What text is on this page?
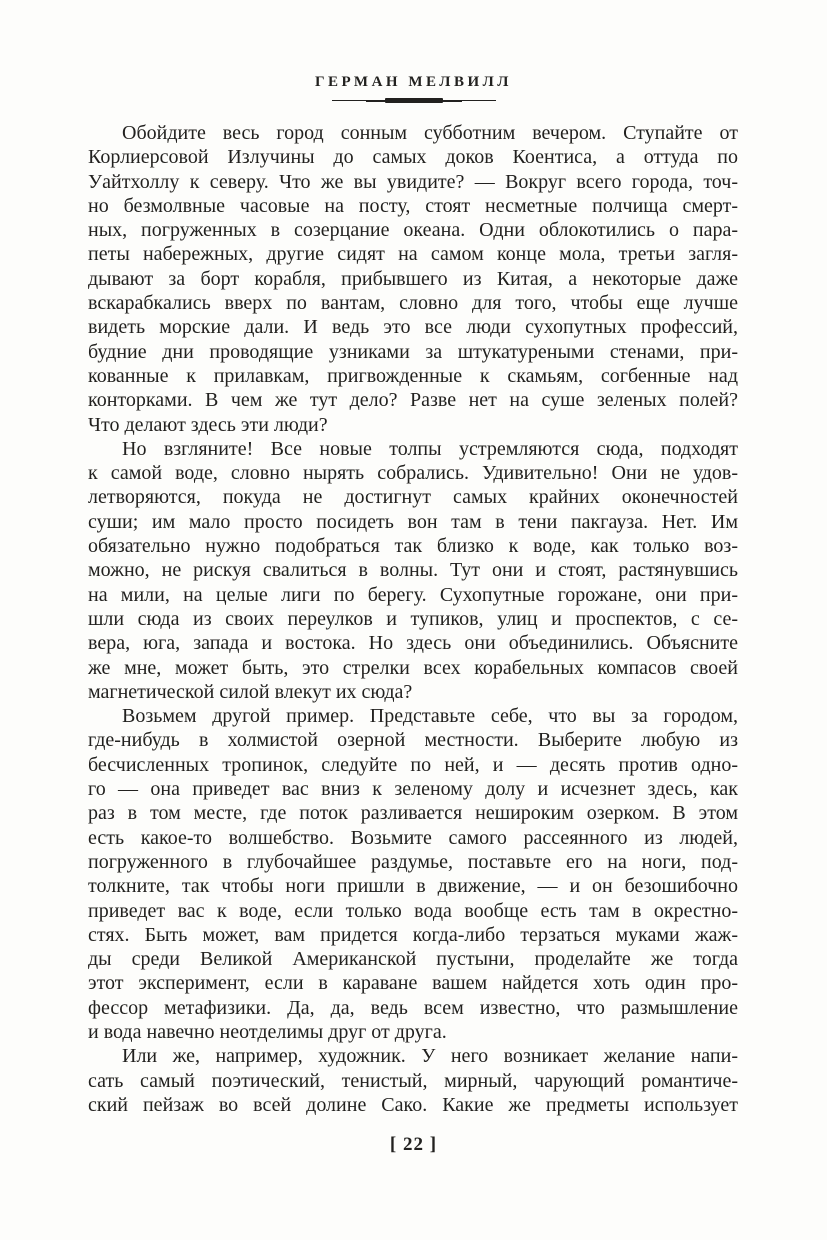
ГЕРМАН МЕЛВИЛЛ
Обойдите весь город сонным субботним вечером. Ступайте от
Корлиерсовой Излучины до самых доков Коентиса, а оттуда по
Уайтхоллу к северу. Что же вы увидите? — Вокруг всего города, точ-
но безмолвные часовые на посту, стоят несметные полчища смерт-
ных, погруженных в созерцание океана. Одни облокотились о пара-
петы набережных, другие сидят на самом конце мола, третьи загля-
дывают за борт корабля, прибывшего из Китая, а некоторые даже
вскарабкались вверх по вантам, словно для того, чтобы еще лучше
видеть морские дали. И ведь это все люди сухопутных профессий,
будние дни проводящие узниками за штукатуреными стенами, при-
кованные к прилавкам, пригвожденные к скамьям, согбенные над
конторками. В чем же тут дело? Разве нет на суше зеленых полей?
Что делают здесь эти люди?
Но взгляните! Все новые толпы устремляются сюда, подходят
к самой воде, словно нырять собрались. Удивительно! Они не удов-
летворяются, покуда не достигнут самых крайних оконечностей
суши; им мало просто посидеть вон там в тени пакгауза. Нет. Им
обязательно нужно подобраться так близко к воде, как только воз-
можно, не рискуя свалиться в волны. Тут они и стоят, растянувшись
на мили, на целые лиги по берегу. Сухопутные горожане, они при-
шли сюда из своих переулков и тупиков, улиц и проспектов, с се-
вера, юга, запада и востока. Но здесь они объединились. Объясните
же мне, может быть, это стрелки всех корабельных компасов своей
магнетической силой влекут их сюда?
Возьмем другой пример. Представьте себе, что вы за городом,
где-нибудь в холмистой озерной местности. Выберите любую из
бесчисленных тропинок, следуйте по ней, и — десять против одно-
го — она приведет вас вниз к зеленому долу и исчезнет здесь, как
раз в том месте, где поток разливается нешироким озерком. В этом
есть какое-то волшебство. Возьмите самого рассеянного из людей,
погруженного в глубочайшее раздумье, поставьте его на ноги, под-
толкните, так чтобы ноги пришли в движение, — и он безошибочно
приведет вас к воде, если только вода вообще есть там в окрестно-
стях. Быть может, вам придется когда-либо терзаться муками жаж-
ды среди Великой Американской пустыни, проделайте же тогда
этот эксперимент, если в караване вашем найдется хоть один про-
фессор метафизики. Да, да, ведь всем известно, что размышление
и вода навечно неотделимы друг от друга.
Или же, например, художник. У него возникает желание напи-
сать самый поэтический, тенистый, мирный, чарующий романтиче-
ский пейзаж во всей долине Сако. Какие же предметы использует
[ 22 ]
